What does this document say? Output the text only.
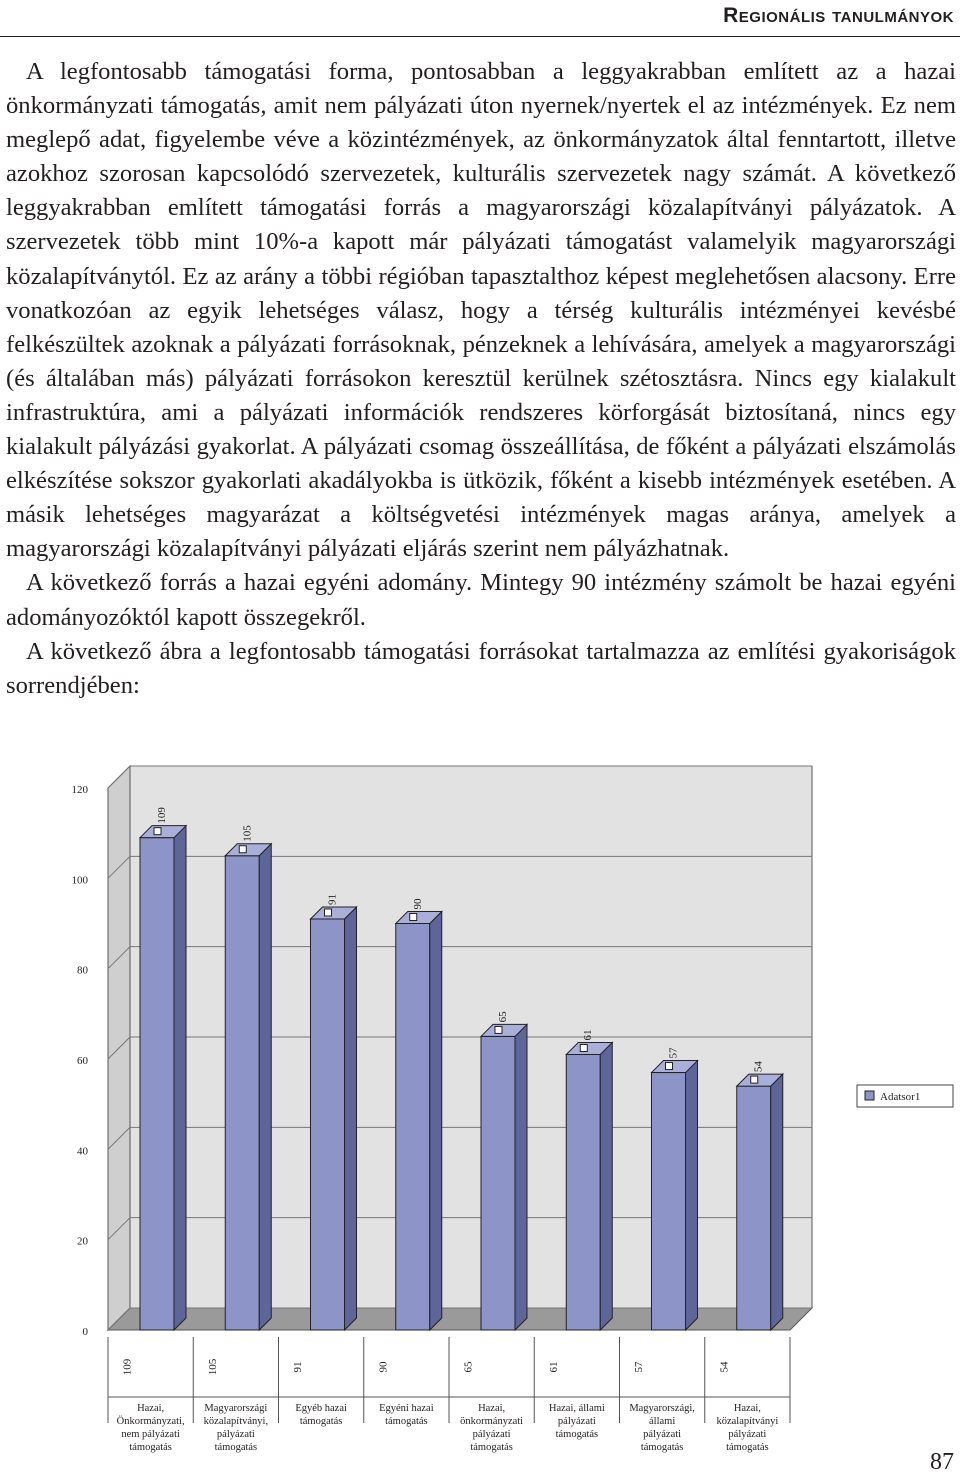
Regionális tanulmányok

A legfontosabb támogatási forma, pontosabban a leggyakrabban említett az a hazai önkormányzati támogatás, amit nem pályázati úton nyernek/nyertek el az intézmények. Ez nem meglepő adat, figyelembe véve a közintézmények, az önkormányzatok által fenntartott, illetve azokhoz szorosan kapcsolódó szervezetek, kulturális szervezetek nagy számát. A következő leggyakrabban említett támogatási forrás a magyarországi közalapítványi pályázatok. A szervezetek több mint 10%-a kapott már pályázati támogatást valamelyik magyarországi közalapítványtól. Ez az arány a többi régióban tapasztalthoz képest meglehetősen alacsony. Erre vonatkozóan az egyik lehetséges válasz, hogy a térség kulturális intézményei kevésbé felkészültek azoknak a pályázati forrásoknak, pénzeknek a lehívására, amelyek a magyarországi (és általában más) pályázati forrásokon keresztül kerülnek szétosztásra. Nincs egy kialakult infrastruktúra, ami a pályázati információk rendszeres körforgását biztosítaná, nincs egy kialakult pályázási gyakorlat. A pályázati csomag összeállítása, de főként a pályázati elszámolás elkészítése sokszor gyakorlati akadályokba is ütközik, főként a kisebb intézmények esetében. A másik lehetséges magyarázat a költségvetési intézmények magas aránya, amelyek a magyarországi közalapítványi pályázati eljárás szerint nem pályázhatnak.

A következő forrás a hazai egyéni adomány. Mintegy 90 intézmény számolt be hazai egyéni adományozóktól kapott összegekről.

A következő ábra a legfontosabb támogatási forrásokat tartalmazza az említési gyakoriságok sorrendjében:

0
20
40
60
80
100
120
109
105
91	90
65
61
57
54
Adatsor1
109	105	91	90	65	61	57	54
Hazai, Önkormányzati, nem pályázati támogatás
Magyarországi közalapítványi, pályázati támogatás
Egyéb hazai támogatás
Egyéni hazai támogatás
Hazai, önkormányzati pályázati támogatás
Hazai, állami pályázati támogatás
Magyarországi, állami pályázati támogatás
Hazai, közalapítványi pályázati támogatás
87
